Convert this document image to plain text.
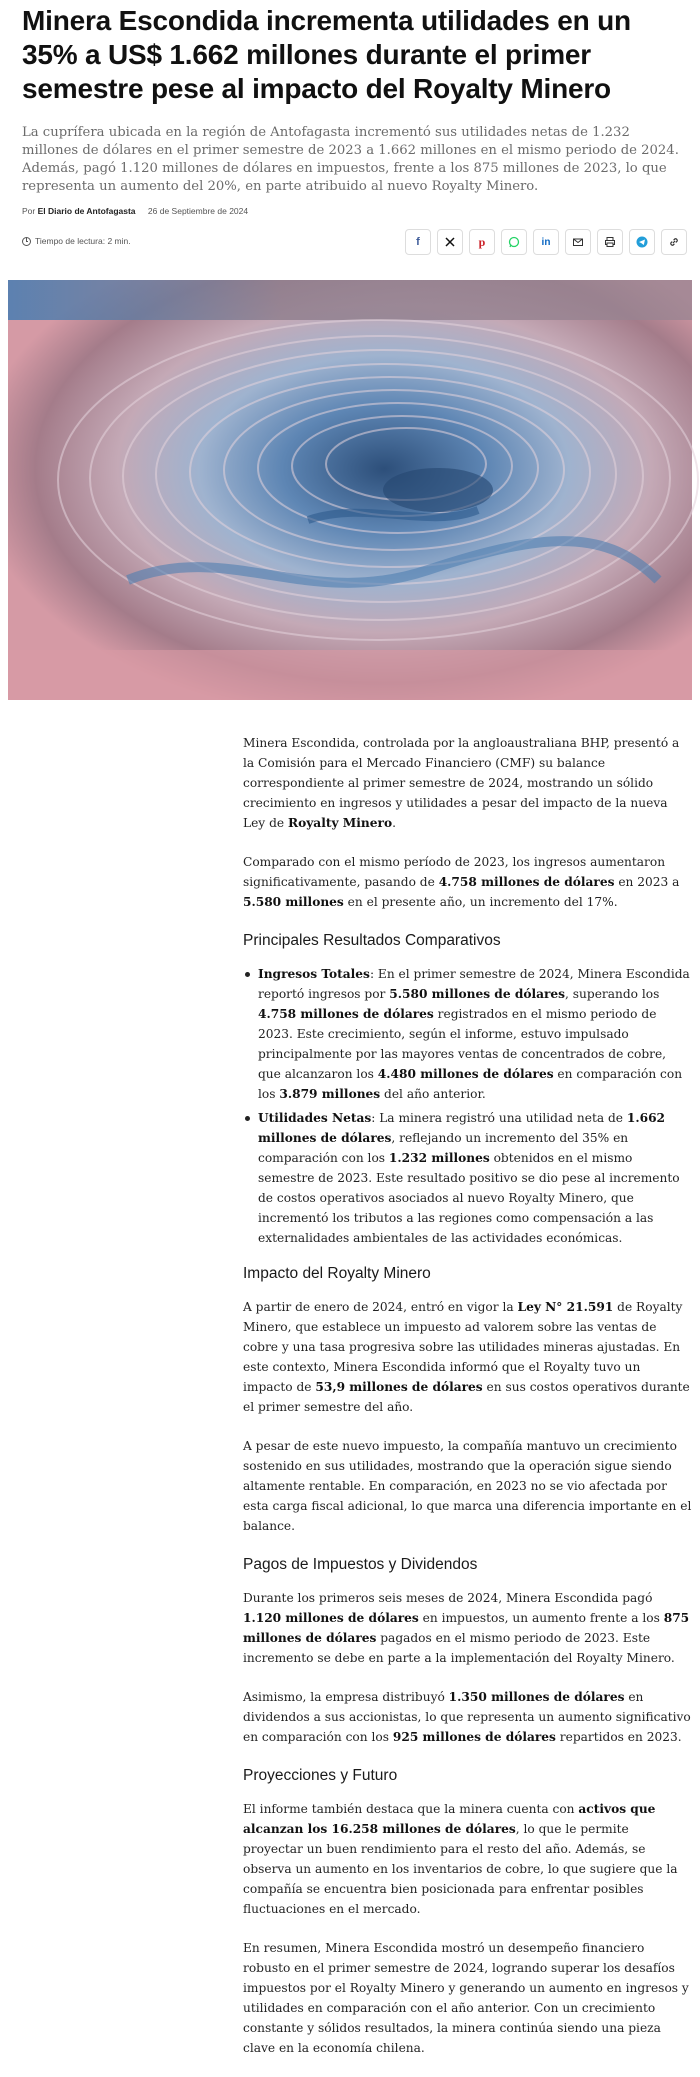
Minera Escondida incrementa utilidades en un 35% a US$ 1.662 millones durante el primer semestre pese al impacto del Royalty Minero

La cuprífera ubicada en la región de Antofagasta incrementó sus utilidades netas de 1.232 millones de dólares en el primer semestre de 2023 a 1.662 millones en el mismo periodo de 2024. Además, pagó 1.120 millones de dólares en impuestos, frente a los 875 millones de 2023, lo que representa un aumento del 20%, en parte atribuido al nuevo Royalty Minero.

Por El Diario de Antofagasta 26 de Septiembre de 2024
Tiempo de lectura: 2 min.	f	p	in

Minera Escondida, controlada por la angloaustraliana BHP, presentó a la Comisión para el Mercado Financiero (CMF) su balance correspondiente al primer semestre de 2024, mostrando un sólido crecimiento en ingresos y utilidades a pesar del impacto de la nueva Ley de Royalty Minero.

Comparado con el mismo período de 2023, los ingresos aumentaron significativamente, pasando de 4.758 millones de dólares en 2023 a 5.580 millones en el presente año, un incremento del 17%.

Principales Resultados Comparativos
Ingresos Totales: En el primer semestre de 2024, Minera Escondida reportó ingresos por 5.580 millones de dólares, superando los 4.758 millones de dólares registrados en el mismo periodo de 2023. Este crecimiento, según el informe, estuvo impulsado principalmente por las mayores ventas de concentrados de cobre, que alcanzaron los 4.480 millones de dólares en comparación con los 3.879 millones del año anterior.
Utilidades Netas: La minera registró una utilidad neta de 1.662 millones de dólares, reflejando un incremento del 35% en comparación con los 1.232 millones obtenidos en el mismo semestre de 2023. Este resultado positivo se dio pese al incremento de costos operativos asociados al nuevo Royalty Minero, que incrementó los tributos a las regiones como compensación a las externalidades ambientales de las actividades económicas.
Impacto del Royalty Minero

A partir de enero de 2024, entró en vigor la Ley N° 21.591 de Royalty Minero, que establece un impuesto ad valorem sobre las ventas de cobre y una tasa progresiva sobre las utilidades mineras ajustadas. En este contexto, Minera Escondida informó que el Royalty tuvo un impacto de 53,9 millones de dólares en sus costos operativos durante el primer semestre del año.

A pesar de este nuevo impuesto, la compañía mantuvo un crecimiento sostenido en sus utilidades, mostrando que la operación sigue siendo altamente rentable. En comparación, en 2023 no se vio afectada por esta carga fiscal adicional, lo que marca una diferencia importante en el balance.

Pagos de Impuestos y Dividendos

Durante los primeros seis meses de 2024, Minera Escondida pagó 1.120 millones de dólares en impuestos, un aumento frente a los 875 millones de dólares pagados en el mismo periodo de 2023. Este incremento se debe en parte a la implementación del Royalty Minero.

Asimismo, la empresa distribuyó 1.350 millones de dólares en dividendos a sus accionistas, lo que representa un aumento significativo en comparación con los 925 millones de dólares repartidos en 2023.

Proyecciones y Futuro

El informe también destaca que la minera cuenta con activos que alcanzan los 16.258 millones de dólares, lo que le permite proyectar un buen rendimiento para el resto del año. Además, se observa un aumento en los inventarios de cobre, lo que sugiere que la compañía se encuentra bien posicionada para enfrentar posibles fluctuaciones en el mercado.

En resumen, Minera Escondida mostró un desempeño financiero robusto en el primer semestre de 2024, logrando superar los desafíos impuestos por el Royalty Minero y generando un aumento en ingresos y utilidades en comparación con el año anterior. Con un crecimiento constante y sólidos resultados, la minera continúa siendo una pieza clave en la economía chilena.
